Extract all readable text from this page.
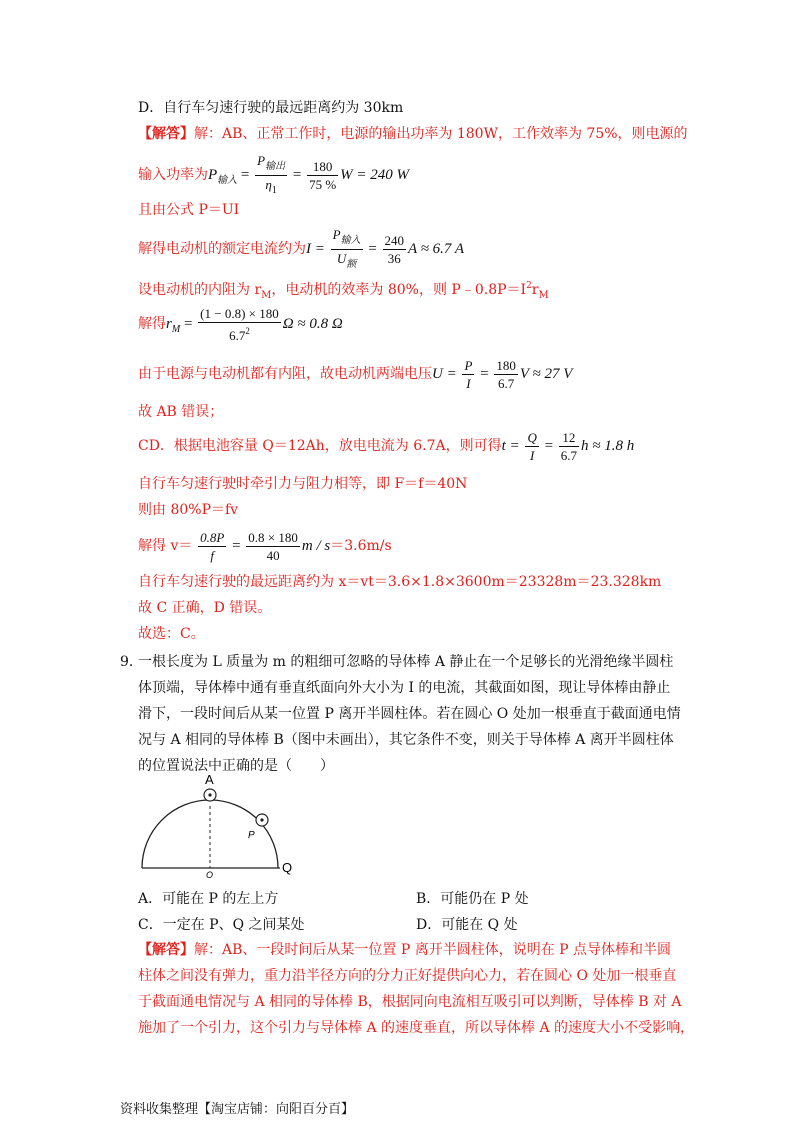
D．自行车匀速行驶的最远距离约为 30km
【解答】解：AB、正常工作时，电源的输出功率为 180W，工作效率为 75%，则电源的
输入功率为$P_{输入} = \frac{P_{输出}}{\eta_1} = \frac{180}{75 \%}$ W = 240 W
且由公式 P＝UI
解得电动机的额定电流约为$I = \frac{P_{输入}}{U_额} = \frac{240}{36}$ A ≈ 6.7 A
设电动机的内阻为 $r_M$，电动机的效率为 80%，则 $P﹣0.8P=I^2r_M$
解得$r_M = \frac{(1 - 0.8) \times 180}{6.7^2}$ Ω ≈ 0.8 Ω
由于电源与电动机都有内阻，故电动机两端电压$U = \frac{P}{I} = \frac{180}{6.7}$ V ≈ 27 V
故 AB 错误；
CD．根据电池容量 Q＝12Ah，放电电流为 6.7A，则可得$t = \frac{Q}{I} = \frac{12}{6.7}$ h ≈ 1.8 h
自行车匀速行驶时牵引力与阻力相等，即 F＝f＝40N
则由 80%P＝fv
解得 $v= \frac{0.8P}{f} = \frac{0.8 \times 180}{40}$ m / s＝3.6m/s
自行车匀速行驶的最远距离约为 x＝vt＝3.6×1.8×3600m＝23328m＝23.328km
故 C 正确，D 错误。
故选：C。
9．
一根长度为 L 质量为 m 的粗细可忽略的导体棒 A 静止在一个足够长的光滑绝缘半圆柱
体顶端，导体棒中通有垂直纸面向外大小为 I 的电流，其截面如图，现让导体棒由静止
滑下，一段时间后从某一位置 P 离开半圆柱体。若在圆心 O 处加一根垂直于截面通电情
况与 A 相同的导体棒 B（图中未画出），其它条件不变，则关于导体棒 A 离开半圆柱体
的位置说法中正确的是（　　）
A
P
O	Q
A．可能在 P 的左上方	B．可能仍在 P 处
C．一定在 P、Q 之间某处	D．可能在 Q 处
【解答】解：AB、一段时间后从某一位置 P 离开半圆柱体，说明在 P 点导体棒和半圆
柱体之间没有弹力，重力沿半径方向的分力正好提供向心力，若在圆心 O 处加一根垂直
于截面通电情况与 A 相同的导体棒 B，根据同向电流相互吸引可以判断，导体棒 B 对 A
施加了一个引力，这个引力与导体棒 A 的速度垂直，所以导体棒 A 的速度大小不受影响，
资料收集整理【淘宝店铺：向阳百分百】
